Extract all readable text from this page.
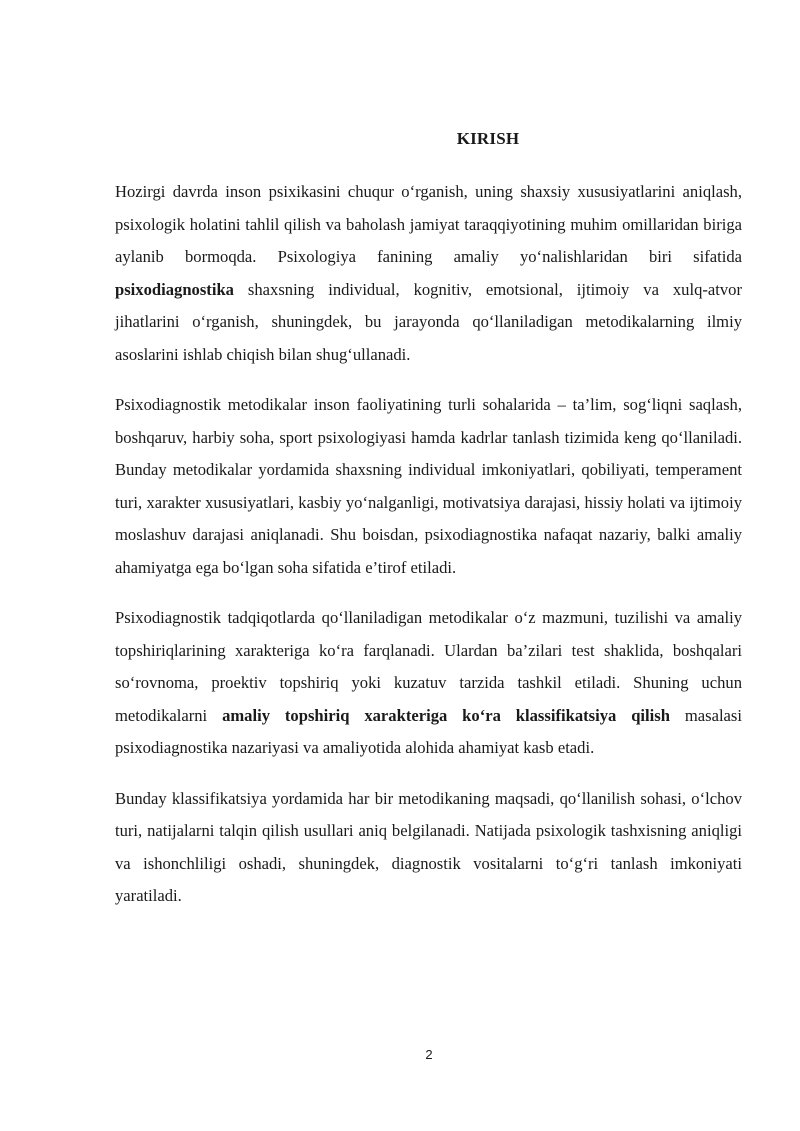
KIRISH

Hozirgi davrda inson psixikasini chuqur o‘rganish, uning shaxsiy xususiyatlarini aniqlash, psixologik holatini tahlil qilish va baholash jamiyat taraqqiyotining muhim omillaridan biriga aylanib bormoqda. Psixologiya fanining amaliy yo‘nalishlaridan biri sifatida psixodiagnostika shaxsning individual, kognitiv, emotsional, ijtimoiy va xulq-atvor jihatlarini o‘rganish, shuningdek, bu jarayonda qo‘llaniladigan metodikalarning ilmiy asoslarini ishlab chiqish bilan shug‘ullanadi.

Psixodiagnostik metodikalar inson faoliyatining turli sohalarida – ta’lim, sog‘liqni saqlash, boshqaruv, harbiy soha, sport psixologiyasi hamda kadrlar tanlash tizimida keng qo‘llaniladi. Bunday metodikalar yordamida shaxsning individual imkoniyatlari, qobiliyati, temperament turi, xarakter xususiyatlari, kasbiy yo‘nalganligi, motivatsiya darajasi, hissiy holati va ijtimoiy moslashuv darajasi aniqlanadi. Shu boisdan, psixodiagnostika nafaqat nazariy, balki amaliy ahamiyatga ega bo‘lgan soha sifatida e’tirof etiladi.

Psixodiagnostik tadqiqotlarda qo‘llaniladigan metodikalar o‘z mazmuni, tuzilishi va amaliy topshiriqlarining xarakteriga ko‘ra farqlanadi. Ulardan ba’zilari test shaklida, boshqalari so‘rovnoma, proektiv topshiriq yoki kuzatuv tarzida tashkil etiladi. Shuning uchun metodikalarni amaliy topshiriq xarakteriga ko‘ra klassifikatsiya qilish masalasi psixodiagnostika nazariyasi va amaliyotida alohida ahamiyat kasb etadi.

Bunday klassifikatsiya yordamida har bir metodikaning maqsadi, qo‘llanilish sohasi, o‘lchov turi, natijalarni talqin qilish usullari aniq belgilanadi. Natijada psixologik tashxisning aniqligi va ishonchliligi oshadi, shuningdek, diagnostik vositalarni to‘g‘ri tanlash imkoniyati yaratiladi.

2
